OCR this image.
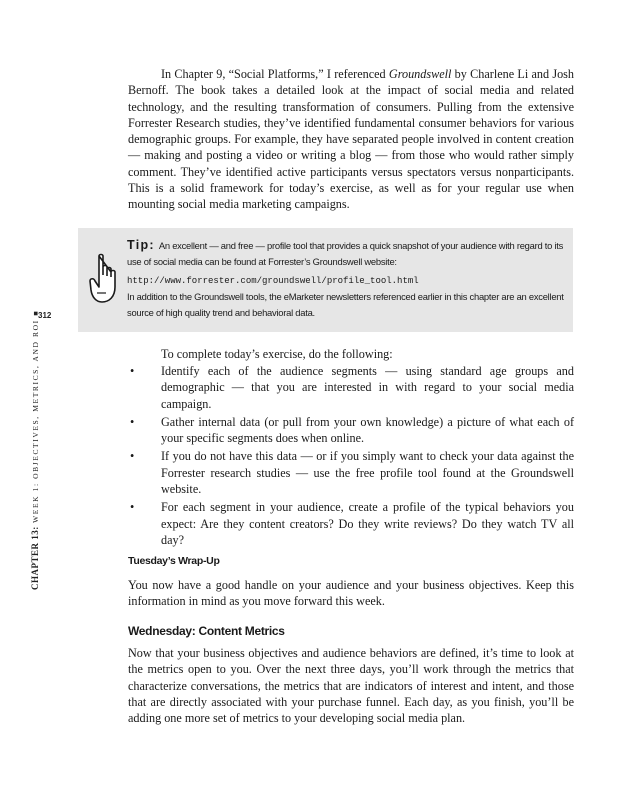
312
CHAPTER 13: WEEK 1: OBJECTIVES, METRICS, AND ROI ■

In Chapter 9, “Social Platforms,” I referenced Groundswell by Charlene Li and Josh Bernoff. The book takes a detailed look at the impact of social media and related technology, and the resulting transformation of consumers. Pulling from the extensive Forrester Research studies, they’ve identified fundamental consumer behaviors for various demographic groups. For example, they have separated people involved in content creation — making and posting a video or writing a blog — from those who would rather simply comment. They’ve identified active participants versus spectators versus nonparticipants. This is a solid framework for today’s exercise, as well as for your regular use when mounting social media marketing campaigns.

Tip: An excellent — and free — profile tool that provides a quick snapshot of your audience with regard to its use of social media can be found at Forrester’s Groundswell website:
http://www.forrester.com/groundswell/profile_tool.html
In addition to the Groundswell tools, the eMarketer newsletters referenced earlier in this chapter are an excellent source of high quality trend and behavioral data.
To complete today’s exercise, do the following:
• Identify each of the audience segments — using standard age groups and demographic — that you are interested in with regard to your social media campaign.
• Gather internal data (or pull from your own knowledge) a picture of what each of your specific segments does when online.
• If you do not have this data — or if you simply want to check your data against the Forrester research studies — use the free profile tool found at the Groundswell website.
• For each segment in your audience, create a profile of the typical behaviors you expect: Are they content creators? Do they write reviews? Do they watch TV all day?
Tuesday’s Wrap-Up

You now have a good handle on your audience and your business objectives. Keep this information in mind as you move forward this week.

Wednesday: Content Metrics

Now that your business objectives and audience behaviors are defined, it’s time to look at the metrics open to you. Over the next three days, you’ll work through the metrics that characterize conversations, the metrics that are indicators of interest and intent, and those that are directly associated with your purchase funnel. Each day, as you finish, you’ll be adding one more set of metrics to your developing social media plan.
